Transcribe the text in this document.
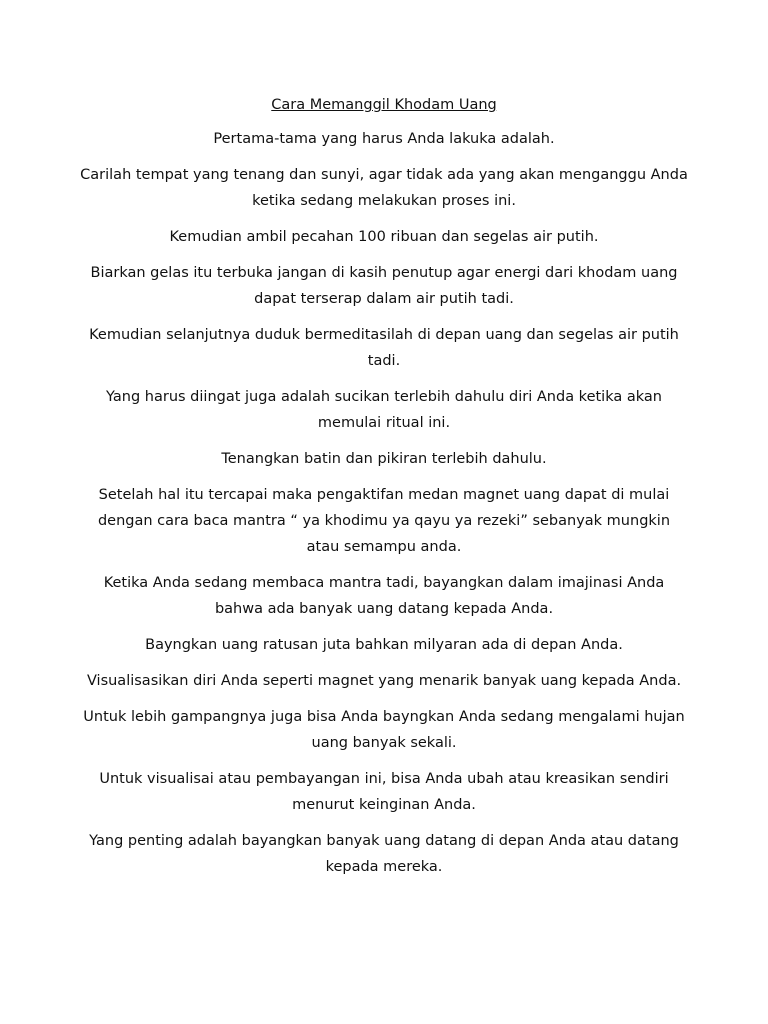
Cara Memanggil Khodam Uang

Pertama-tama yang harus Anda lakuka adalah.

Carilah tempat yang tenang dan sunyi, agar tidak ada yang akan menganggu Anda ketika sedang melakukan proses ini.

Kemudian ambil pecahan 100 ribuan dan segelas air putih.

Biarkan gelas itu terbuka jangan di kasih penutup agar energi dari khodam uang dapat terserap dalam air putih tadi.

Kemudian selanjutnya duduk bermeditasilah di depan uang dan segelas air putih tadi.

Yang harus diingat juga adalah sucikan terlebih dahulu diri Anda ketika akan memulai ritual ini.

Tenangkan batin dan pikiran terlebih dahulu.

Setelah hal itu tercapai maka pengaktifan medan magnet uang dapat di mulai dengan cara baca mantra “ ya khodimu ya qayu ya rezeki” sebanyak mungkin atau semampu anda.

Ketika Anda sedang membaca mantra tadi, bayangkan dalam imajinasi Anda bahwa ada banyak uang datang kepada Anda.

Bayngkan uang ratusan juta bahkan milyaran ada di depan Anda.

Visualisasikan diri Anda seperti magnet yang menarik banyak uang kepada Anda.

Untuk lebih gampangnya juga bisa Anda bayngkan Anda sedang mengalami hujan uang banyak sekali.

Untuk visualisai atau pembayangan ini, bisa Anda ubah atau kreasikan sendiri menurut keinginan Anda.

Yang penting adalah bayangkan banyak uang datang di depan Anda atau datang kepada mereka.
